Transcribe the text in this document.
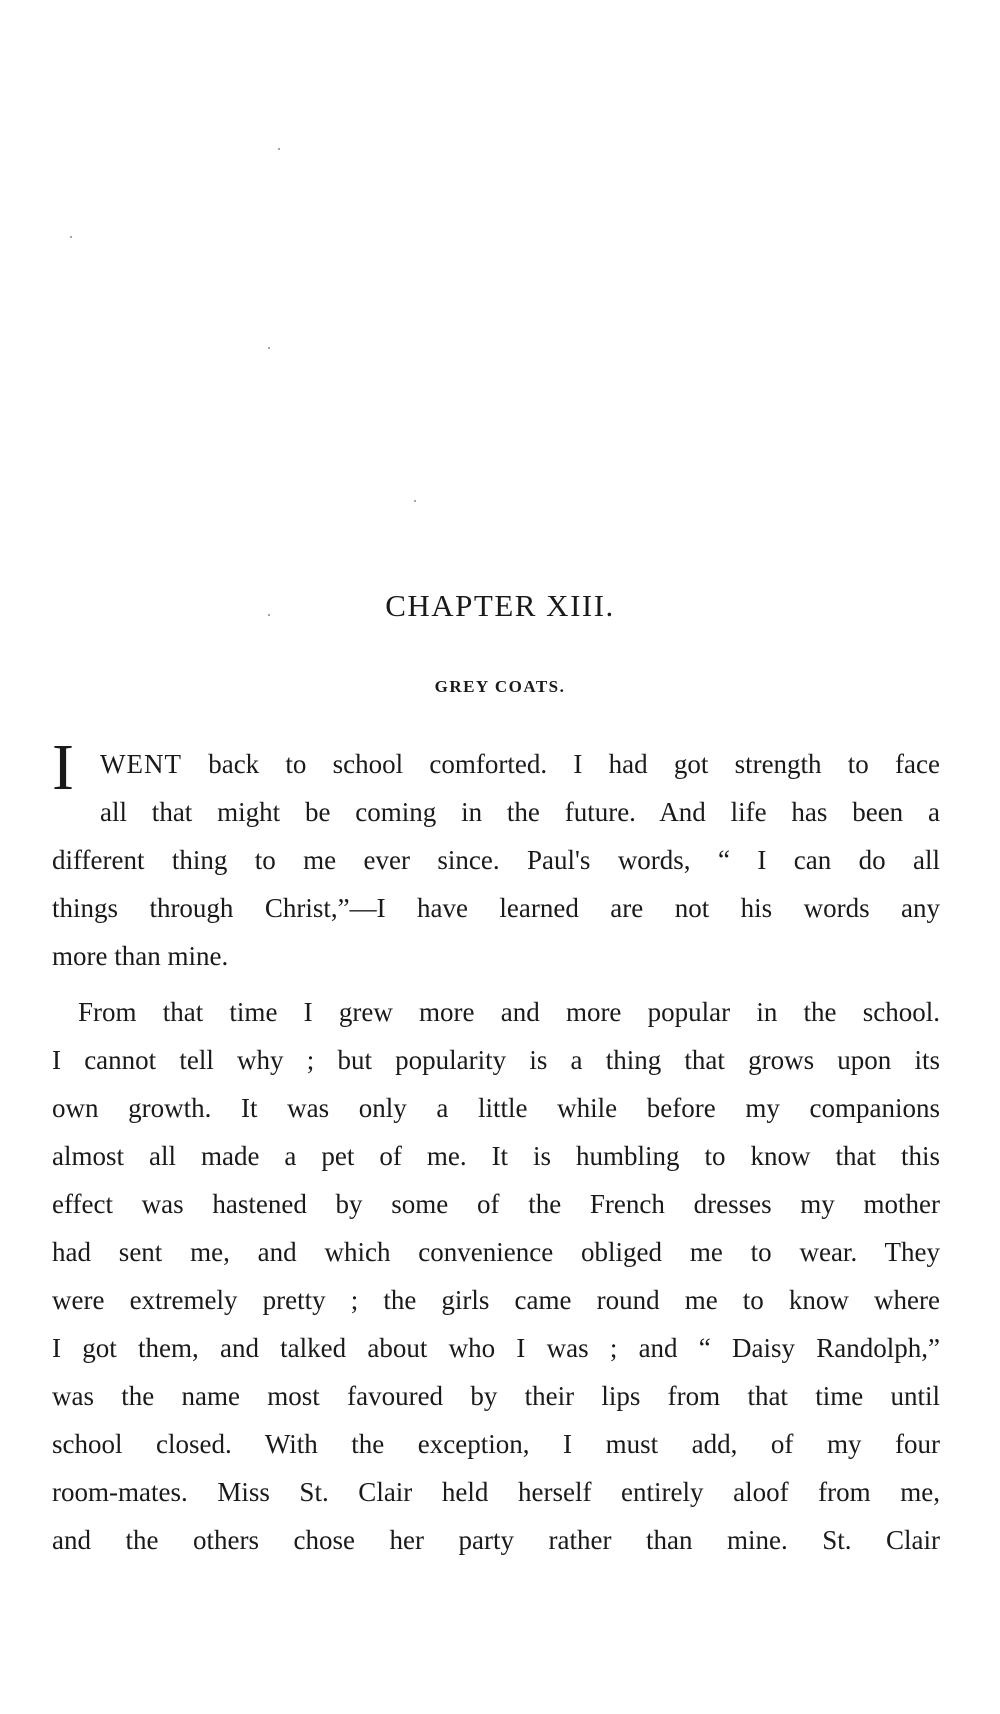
CHAPTER XIII.
GREY COATS.
I WENT back to school comforted. I had got strength to face
all that might be coming in the future. And life has been a
different thing to me ever since. Paul's words, “ I can do all
things through Christ,”—I have learned are not his words any
more than mine.
From that time I grew more and more popular in the school.
I cannot tell why ; but popularity is a thing that grows upon its
own growth. It was only a little while before my companions
almost all made a pet of me. It is humbling to know that this
effect was hastened by some of the French dresses my mother
had sent me, and which convenience obliged me to wear. They
were extremely pretty ; the girls came round me to know where
I got them, and talked about who I was ; and “ Daisy Randolph,”
was the name most favoured by their lips from that time until
school closed. With the exception, I must add, of my four
room-mates. Miss St. Clair held herself entirely aloof from me,
and the others chose her party rather than mine. St. Clair
